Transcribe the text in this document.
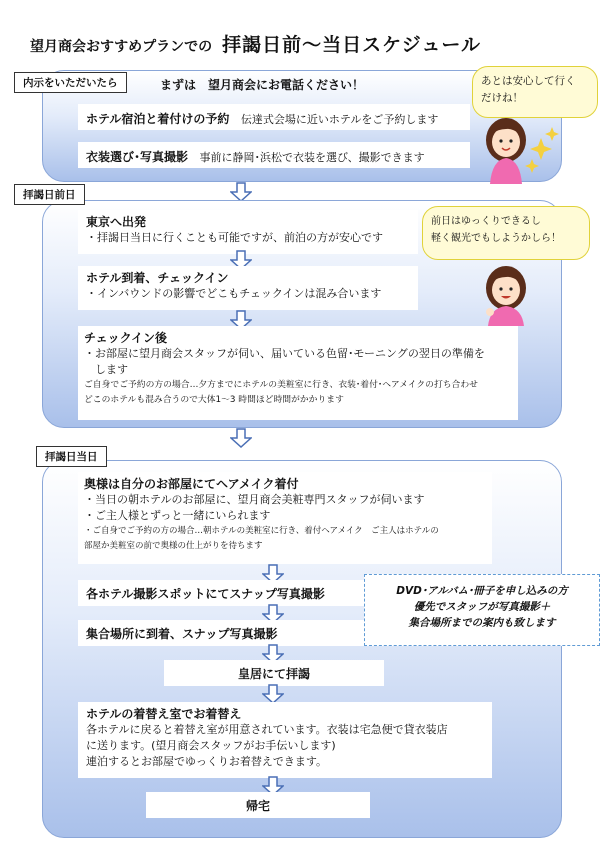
望月商会おすすめプランでの 拝謁日前～当日スケジュール
内示をいただいたら	まずは　望月商会にお電話ください！
ホテル宿泊と着付けの予約 伝達式会場に近いホテルをご予約します
衣装選び･写真撮影 事前に静岡･浜松で衣装を選び、撮影できます
あとは安心して行く
だけね！
拝謁日前日
東京へ出発
・拝謁日当日に行くことも可能ですが、前泊の方が安心です
ホテル到着、チェックイン
・インバウンドの影響でどこもチェックインは混み合います
チェックイン後
・お部屋に望月商会スタッフが伺い、届いている色留･モーニングの翌日の準備を
　します
ご自身でご予約の方の場合…夕方までにホテルの美粧室に行き、衣装･着付･ヘアメイクの打ち合わせ
どこのホテルも混み合うので大体1～3 時間ほど時間がかかります
前日はゆっくりできるし
軽く観光でもしようかしら！
拝謁日当日
奥様は自分のお部屋にてヘアメイク着付
・当日の朝ホテルのお部屋に、望月商会美粧専門スタッフが伺います
・ご主人様とずっと一緒にいられます
・ご自身でご予約の方の場合…朝ホテルの美粧室に行き、着付ヘアメイク　ご主人はホテルの
部屋か美粧室の前で奥様の仕上がりを待ちます
各ホテル撮影スポットにてスナップ写真撮影
集合場所に到着、スナップ写真撮影
皇居にて拝謁
ホテルの着替え室でお着替え
各ホテルに戻ると着替え室が用意されています。衣装は宅急便で貸衣装店
に送ります。(望月商会スタッフがお手伝いします)
連泊するとお部屋でゆっくりお着替えできます。
帰宅
DVD･アルバム･冊子を申し込みの方
優先でスタッフが写真撮影＋
集合場所までの案内も致します
